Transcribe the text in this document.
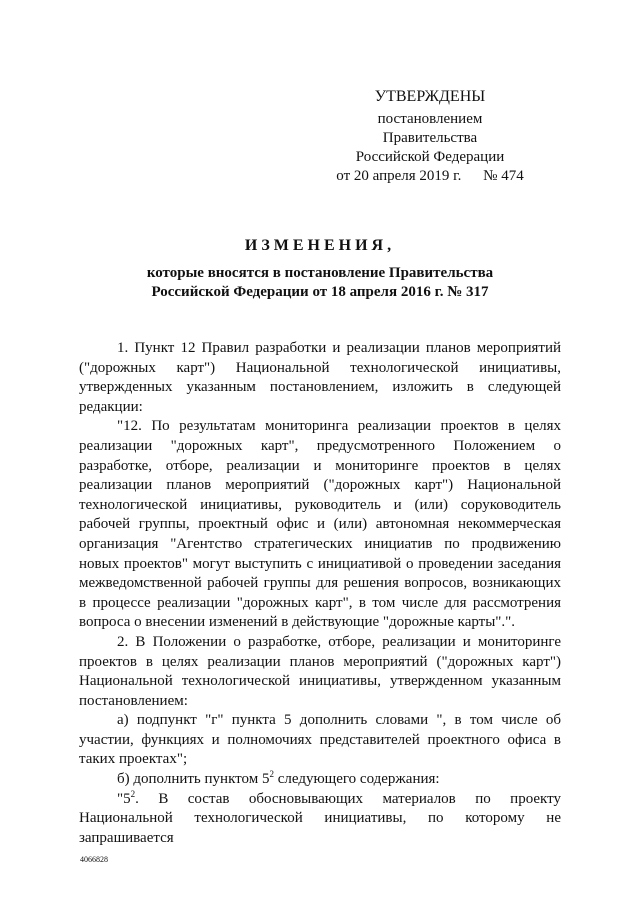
УТВЕРЖДЕНЫ
постановлением Правительства
Российской Федерации
от 20 апреля 2019 г. № 474
ИЗМЕНЕНИЯ,
которые вносятся в постановление Правительства
Российской Федерации от 18 апреля 2016 г. № 317

1. Пункт 12 Правил разработки и реализации планов мероприятий ("дорожных карт") Национальной технологической инициативы, утвержденных указанным постановлением, изложить в следующей редакции:

"12. По результатам мониторинга реализации проектов в целях реализации "дорожных карт", предусмотренного Положением о разработке, отборе, реализации и мониторинге проектов в целях реализации планов мероприятий ("дорожных карт") Национальной технологической инициативы, руководитель и (или) соруководитель рабочей группы, проектный офис и (или) автономная некоммерческая организация "Агентство стратегических инициатив по продвижению новых проектов" могут выступить с инициативой о проведении заседания межведомственной рабочей группы для решения вопросов, возникающих в процессе реализации "дорожных карт", в том числе для рассмотрения вопроса о внесении изменений в действующие "дорожные карты".".

2. В Положении о разработке, отборе, реализации и мониторинге проектов в целях реализации планов мероприятий ("дорожных карт") Национальной технологической инициативы, утвержденном указанным постановлением:

а) подпункт "г" пункта 5 дополнить словами ", в том числе об участии, функциях и полномочиях представителей проектного офиса в таких проектах";

б) дополнить пунктом $5^2$ следующего содержания:

"$5^2$. В состав обосновывающих материалов по проекту Национальной технологической инициативы, по которому не запрашивается

4066828
